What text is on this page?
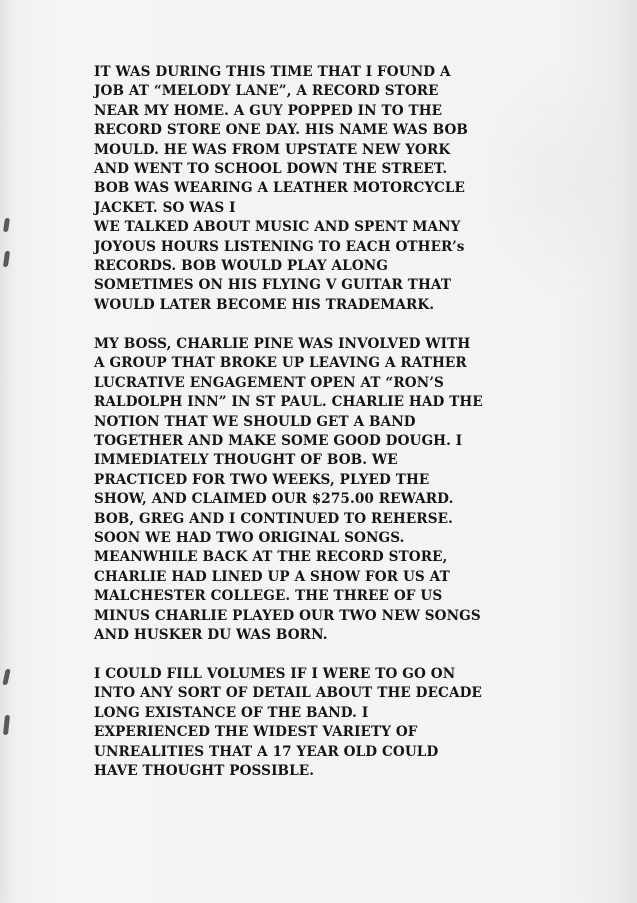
IT WAS DURING THIS TIME THAT I FOUND A
JOB AT “MELODY LANE”, A RECORD STORE
NEAR MY HOME. A GUY POPPED IN TO THE
RECORD STORE ONE DAY. HIS NAME WAS BOB
MOULD. HE WAS FROM UPSTATE NEW YORK
AND WENT TO SCHOOL DOWN THE STREET.
BOB WAS WEARING A LEATHER MOTORCYCLE
JACKET. SO WAS I
WE TALKED ABOUT MUSIC AND SPENT MANY
JOYOUS HOURS LISTENING TO EACH OTHER’s
RECORDS. BOB WOULD PLAY ALONG
SOMETIMES ON HIS FLYING V GUITAR THAT
WOULD LATER BECOME HIS TRADEMARK.

MY BOSS, CHARLIE PINE WAS INVOLVED WITH
A GROUP THAT BROKE UP LEAVING A RATHER
LUCRATIVE ENGAGEMENT OPEN AT “RON’S
RALDOLPH INN” IN ST PAUL. CHARLIE HAD THE
NOTION THAT WE SHOULD GET A BAND
TOGETHER AND MAKE SOME GOOD DOUGH. I
IMMEDIATELY THOUGHT OF BOB. WE
PRACTICED FOR TWO WEEKS, PLYED THE
SHOW, AND CLAIMED OUR $275.00 REWARD.
BOB, GREG AND I CONTINUED TO REHERSE.
SOON WE HAD TWO ORIGINAL SONGS.
MEANWHILE BACK AT THE RECORD STORE,
CHARLIE HAD LINED UP A SHOW FOR US AT
MALCHESTER COLLEGE. THE THREE OF US
MINUS CHARLIE PLAYED OUR TWO NEW SONGS
AND HUSKER DU WAS BORN.

I COULD FILL VOLUMES IF I WERE TO GO ON
INTO ANY SORT OF DETAIL ABOUT THE DECADE
LONG EXISTANCE OF THE BAND. I
EXPERIENCED THE WIDEST VARIETY OF
UNREALITIES THAT A 17 YEAR OLD COULD
HAVE THOUGHT POSSIBLE.
